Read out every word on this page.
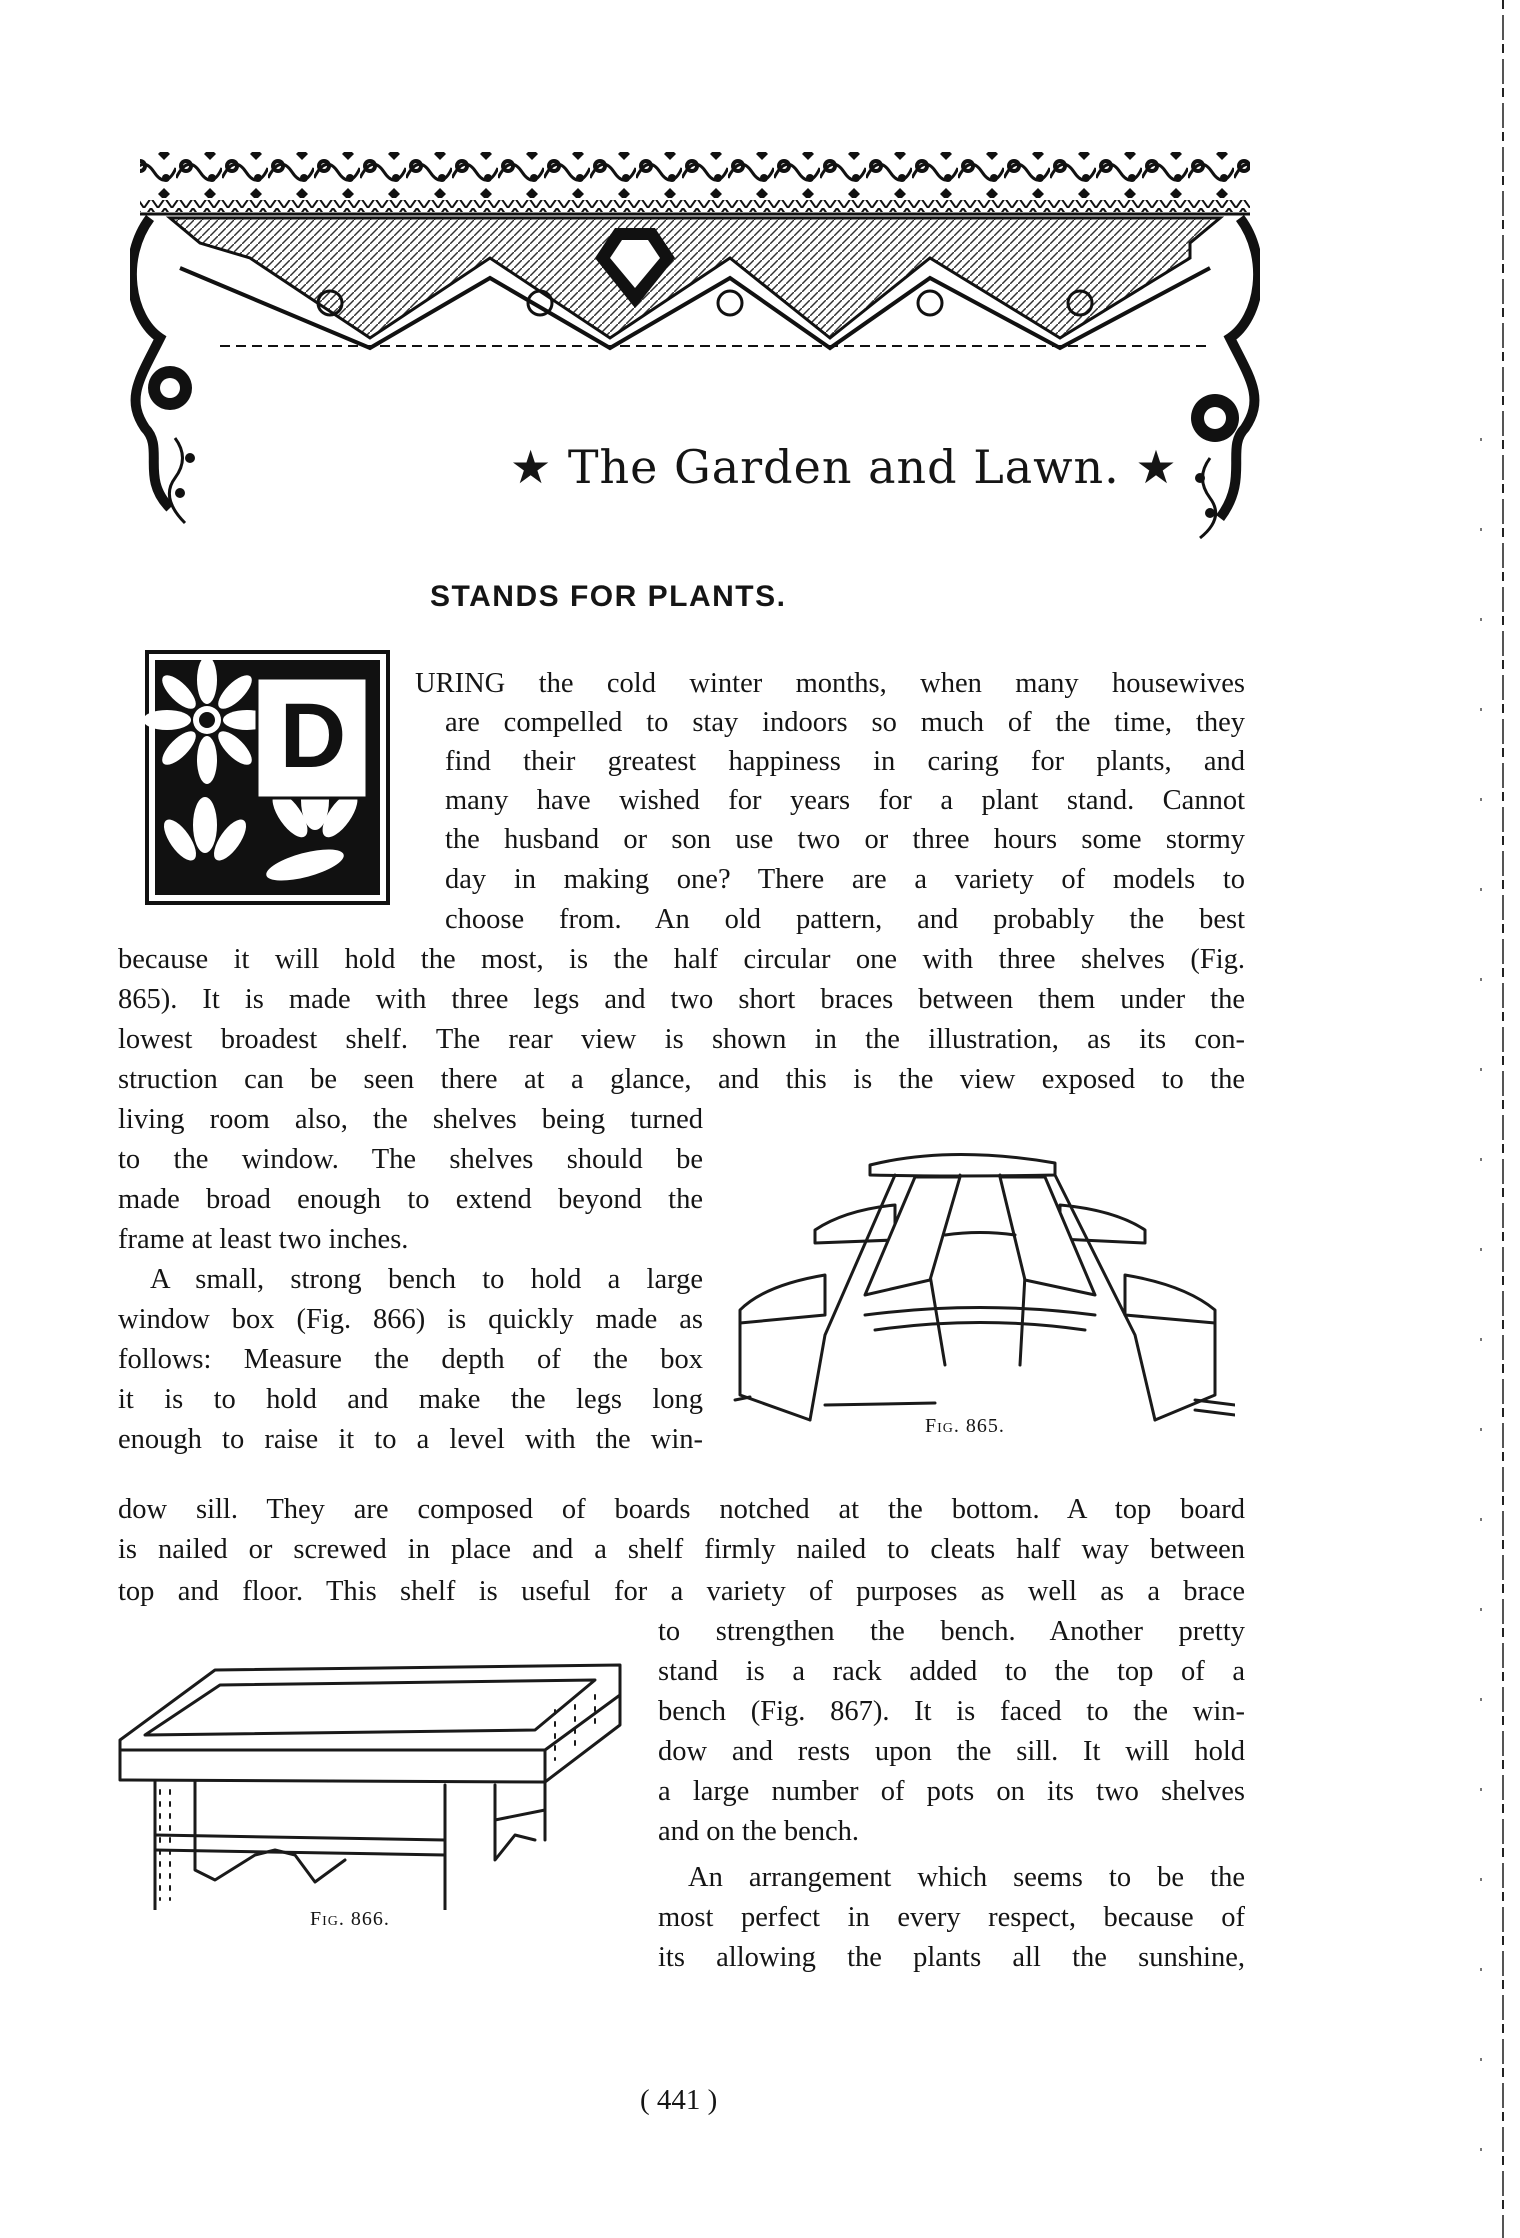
★ The Garden and Lawn. ★
STANDS FOR PLANTS.
D
URING the cold winter months, when many housewives
are compelled to stay indoors so much of the time, they
find their greatest happiness in caring for plants, and
many have wished for years for a plant stand. Cannot
the husband or son use two or three hours some stormy
day in making one? There are a variety of models to
choose from. An old pattern, and probably the best
because it will hold the most, is the half circular one with three shelves (Fig.
865). It is made with three legs and two short braces between them under the
lowest broadest shelf. The rear view is shown in the illustration, as its con-
struction can be seen there at a glance, and this is the view exposed to the
living room also, the shelves being turned
to the window. The shelves should be
made broad enough to extend beyond the
frame at least two inches.
A small, strong bench to hold a large
window box (Fig. 866) is quickly made as
follows: Measure the depth of the box
it is to hold and make the legs long
enough to raise it to a level with the win-
dow sill. They are composed of boards notched at the bottom. A top board
is nailed or screwed in place and a shelf firmly nailed to cleats half way between
top and floor. This shelf is useful for a variety of purposes as well as a brace
to strengthen the bench. Another pretty
stand is a rack added to the top of a
bench (Fig. 867). It is faced to the win-
dow and rests upon the sill. It will hold
a large number of pots on its two shelves
and on the bench.
An arrangement which seems to be the
most perfect in every respect, because of
its allowing the plants all the sunshine,
Fig. 865.
Fig. 866.
( 441 )
